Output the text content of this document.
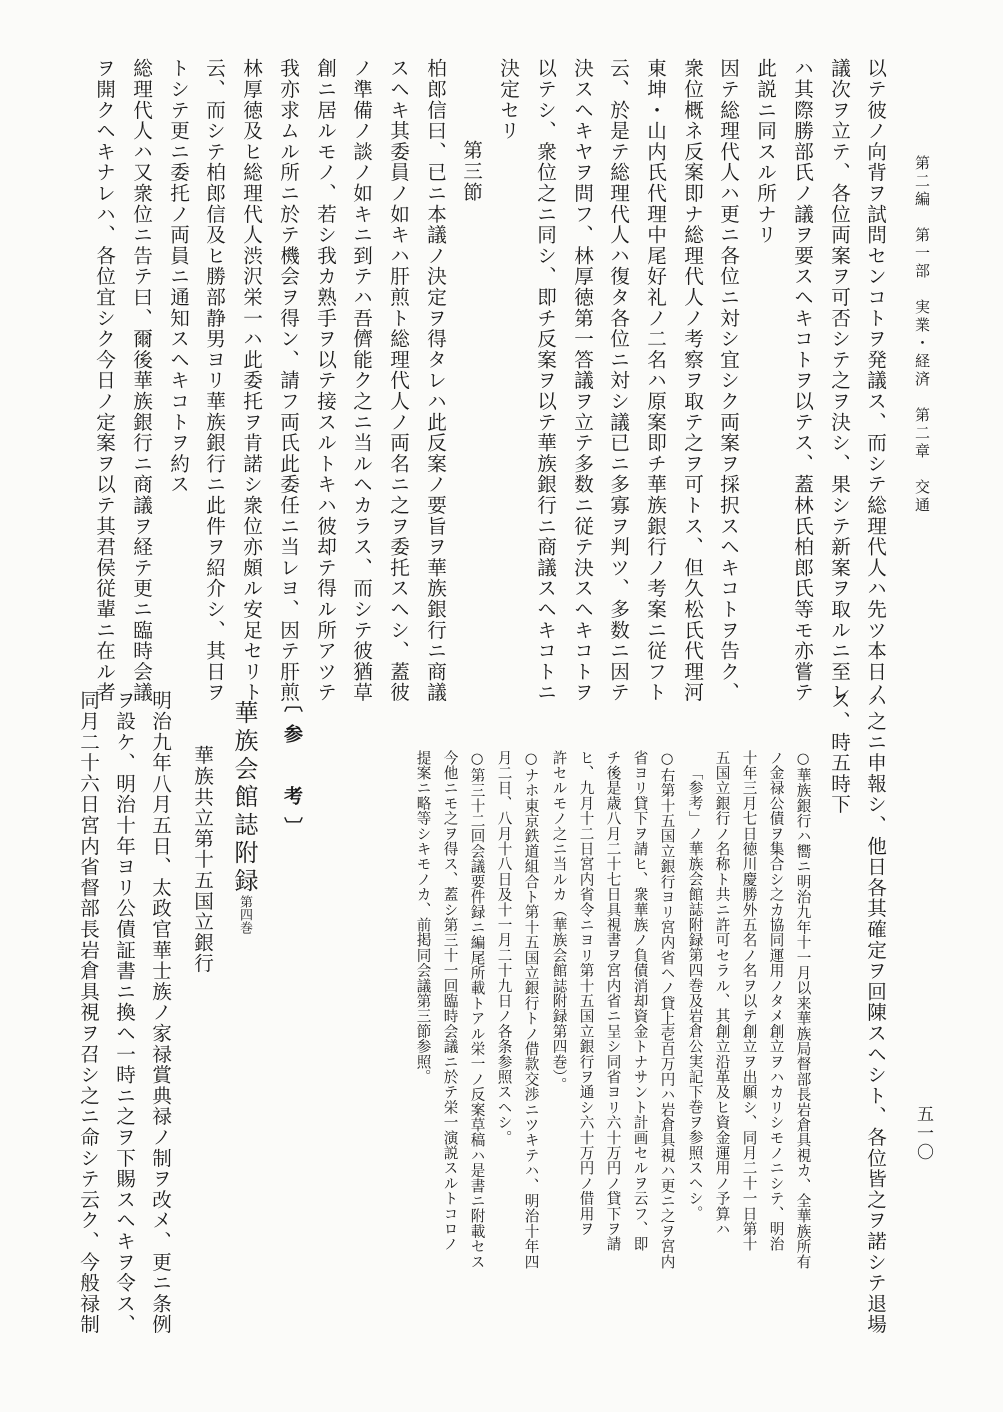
第二編　第一部　実業・経済　第二章　交通
五一〇
以テ彼ノ向背ヲ試問センコトヲ発議ス、而シテ総理代人ハ先ツ本日ノ
議次ヲ立テ、各位両案ヲ可否シテ之ヲ決シ、果シテ新案ヲ取ルニ至レ
ハ其際勝部氏ノ議ヲ要スヘキコトヲ以テス、蓋林氏柏郎氏等モ亦嘗テ
此説ニ同スル所ナリ
因テ総理代人ハ更ニ各位ニ対シ宜シク両案ヲ採択スヘキコトヲ告ク、
衆位概ネ反案即ナ総理代人ノ考察ヲ取テ之ヲ可トス、但久松氏代理河
東坤・山内氏代理中尾好礼ノ二名ハ原案即チ華族銀行ノ考案ニ従フト
云、於是テ総理代人ハ復タ各位ニ対シ議已ニ多寡ヲ判ツ、多数ニ因テ
決スヘキヤヲ問フ、林厚徳第一答議ヲ立テ多数ニ従テ決スヘキコトヲ
以テシ、衆位之ニ同シ、即チ反案ヲ以テ華族銀行ニ商議スヘキコトニ
決定セリ
第三節
柏郎信曰、已ニ本議ノ決定ヲ得タレハ此反案ノ要旨ヲ華族銀行ニ商議
スヘキ其委員ノ如キハ肝煎ト総理代人ノ両名ニ之ヲ委托スヘシ、蓋彼
ノ準備ノ談ノ如キニ到テハ吾儕能ク之ニ当ルヘカラス、而シテ彼猶草
創ニ居ルモノ、若シ我カ熟手ヲ以テ接スルトキハ彼却テ得ル所アツテ
我亦求ムル所ニ於テ機会ヲ得ン、請フ両氏此委任ニ当レヨ、因テ肝煎
林厚徳及ヒ総理代人渋沢栄一ハ此委托ヲ肯諾シ衆位亦頗ル安足セリト
云、而シテ柏郎信及ヒ勝部静男ヨリ華族銀行ニ此件ヲ紹介シ、其日ヲ
トシテ更ニ委托ノ両員ニ通知スヘキコトヲ約ス
総理代人ハ又衆位ニ告テ曰、爾後華族銀行ニ商議ヲ経テ更ニ臨時会議
ヲ開クヘキナレハ、各位宜シク今日ノ定案ヲ以テ其君侯従輩ニ在ル者
ハ之ニ申報シ、他日各其確定ヲ回陳スヘシト、各位皆之ヲ諾シテ退場
ス、時五時下
○華族銀行ハ嚮ニ明治九年十一月以来華族局督部長岩倉具視カ、全華族所有
ノ金禄公債ヲ集合シ之カ協同運用ノタメ創立ヲハカリシモノニシテ、明治
十年三月七日徳川慶勝外五名ノ名ヲ以テ創立ヲ出願シ、同月二十一日第十
五国立銀行ノ名称ト共ニ許可セラル、其創立沿革及ヒ資金運用ノ予算ハ
「参考」ノ華族会館誌附録第四巻及岩倉公実記下巻ヲ参照スヘシ。
○右第十五国立銀行ヨリ宮内省ヘノ貸上壱百万円ハ岩倉具視ハ更ニ之ヲ宮内
省ヨリ貸下ヲ請ヒ、衆華族ノ負債消却資金トナサント計画セルヲ云フ、即
チ後是歳八月二十七日具視書ヲ宮内省ニ呈シ同省ヨリ六十万円ノ貸下ヲ請
ヒ、九月十二日宮内省令ニヨリ第十五国立銀行ヲ通シ六十万円ノ借用ヲ
許セルモノ之ニ当ルカ（華族会館誌附録第四巻）。
○ナホ東京鉄道組合ト第十五国立銀行トノ借款交渉ニツキテハ、明治十年四
月二日、八月十八日及十一月二十九日ノ各条参照スヘシ。
○第三十二回会議要件録ニ編尾所載トアル栄一ノ反案草稿ハ是書ニ附載セス
今他ニモ之ヲ得ス、蓋シ第三十一回臨時会議ニ於テ栄一演説スルトコロノ
提案ニ略等シキモノカ、前掲同会議第三節参照。
〔参　考〕
華族会館誌附録
第四巻
華族共立第十五国立銀行
明治九年八月五日、太政官華士族ノ家禄賞典禄ノ制ヲ改メ、更ニ条例
ヲ設ケ、明治十年ヨリ公債証書ニ換ヘ一時ニ之ヲ下賜スヘキヲ令ス、
同月二十六日宮内省督部長岩倉具視ヲ召シ之ニ命シテ云ク、今般禄制
